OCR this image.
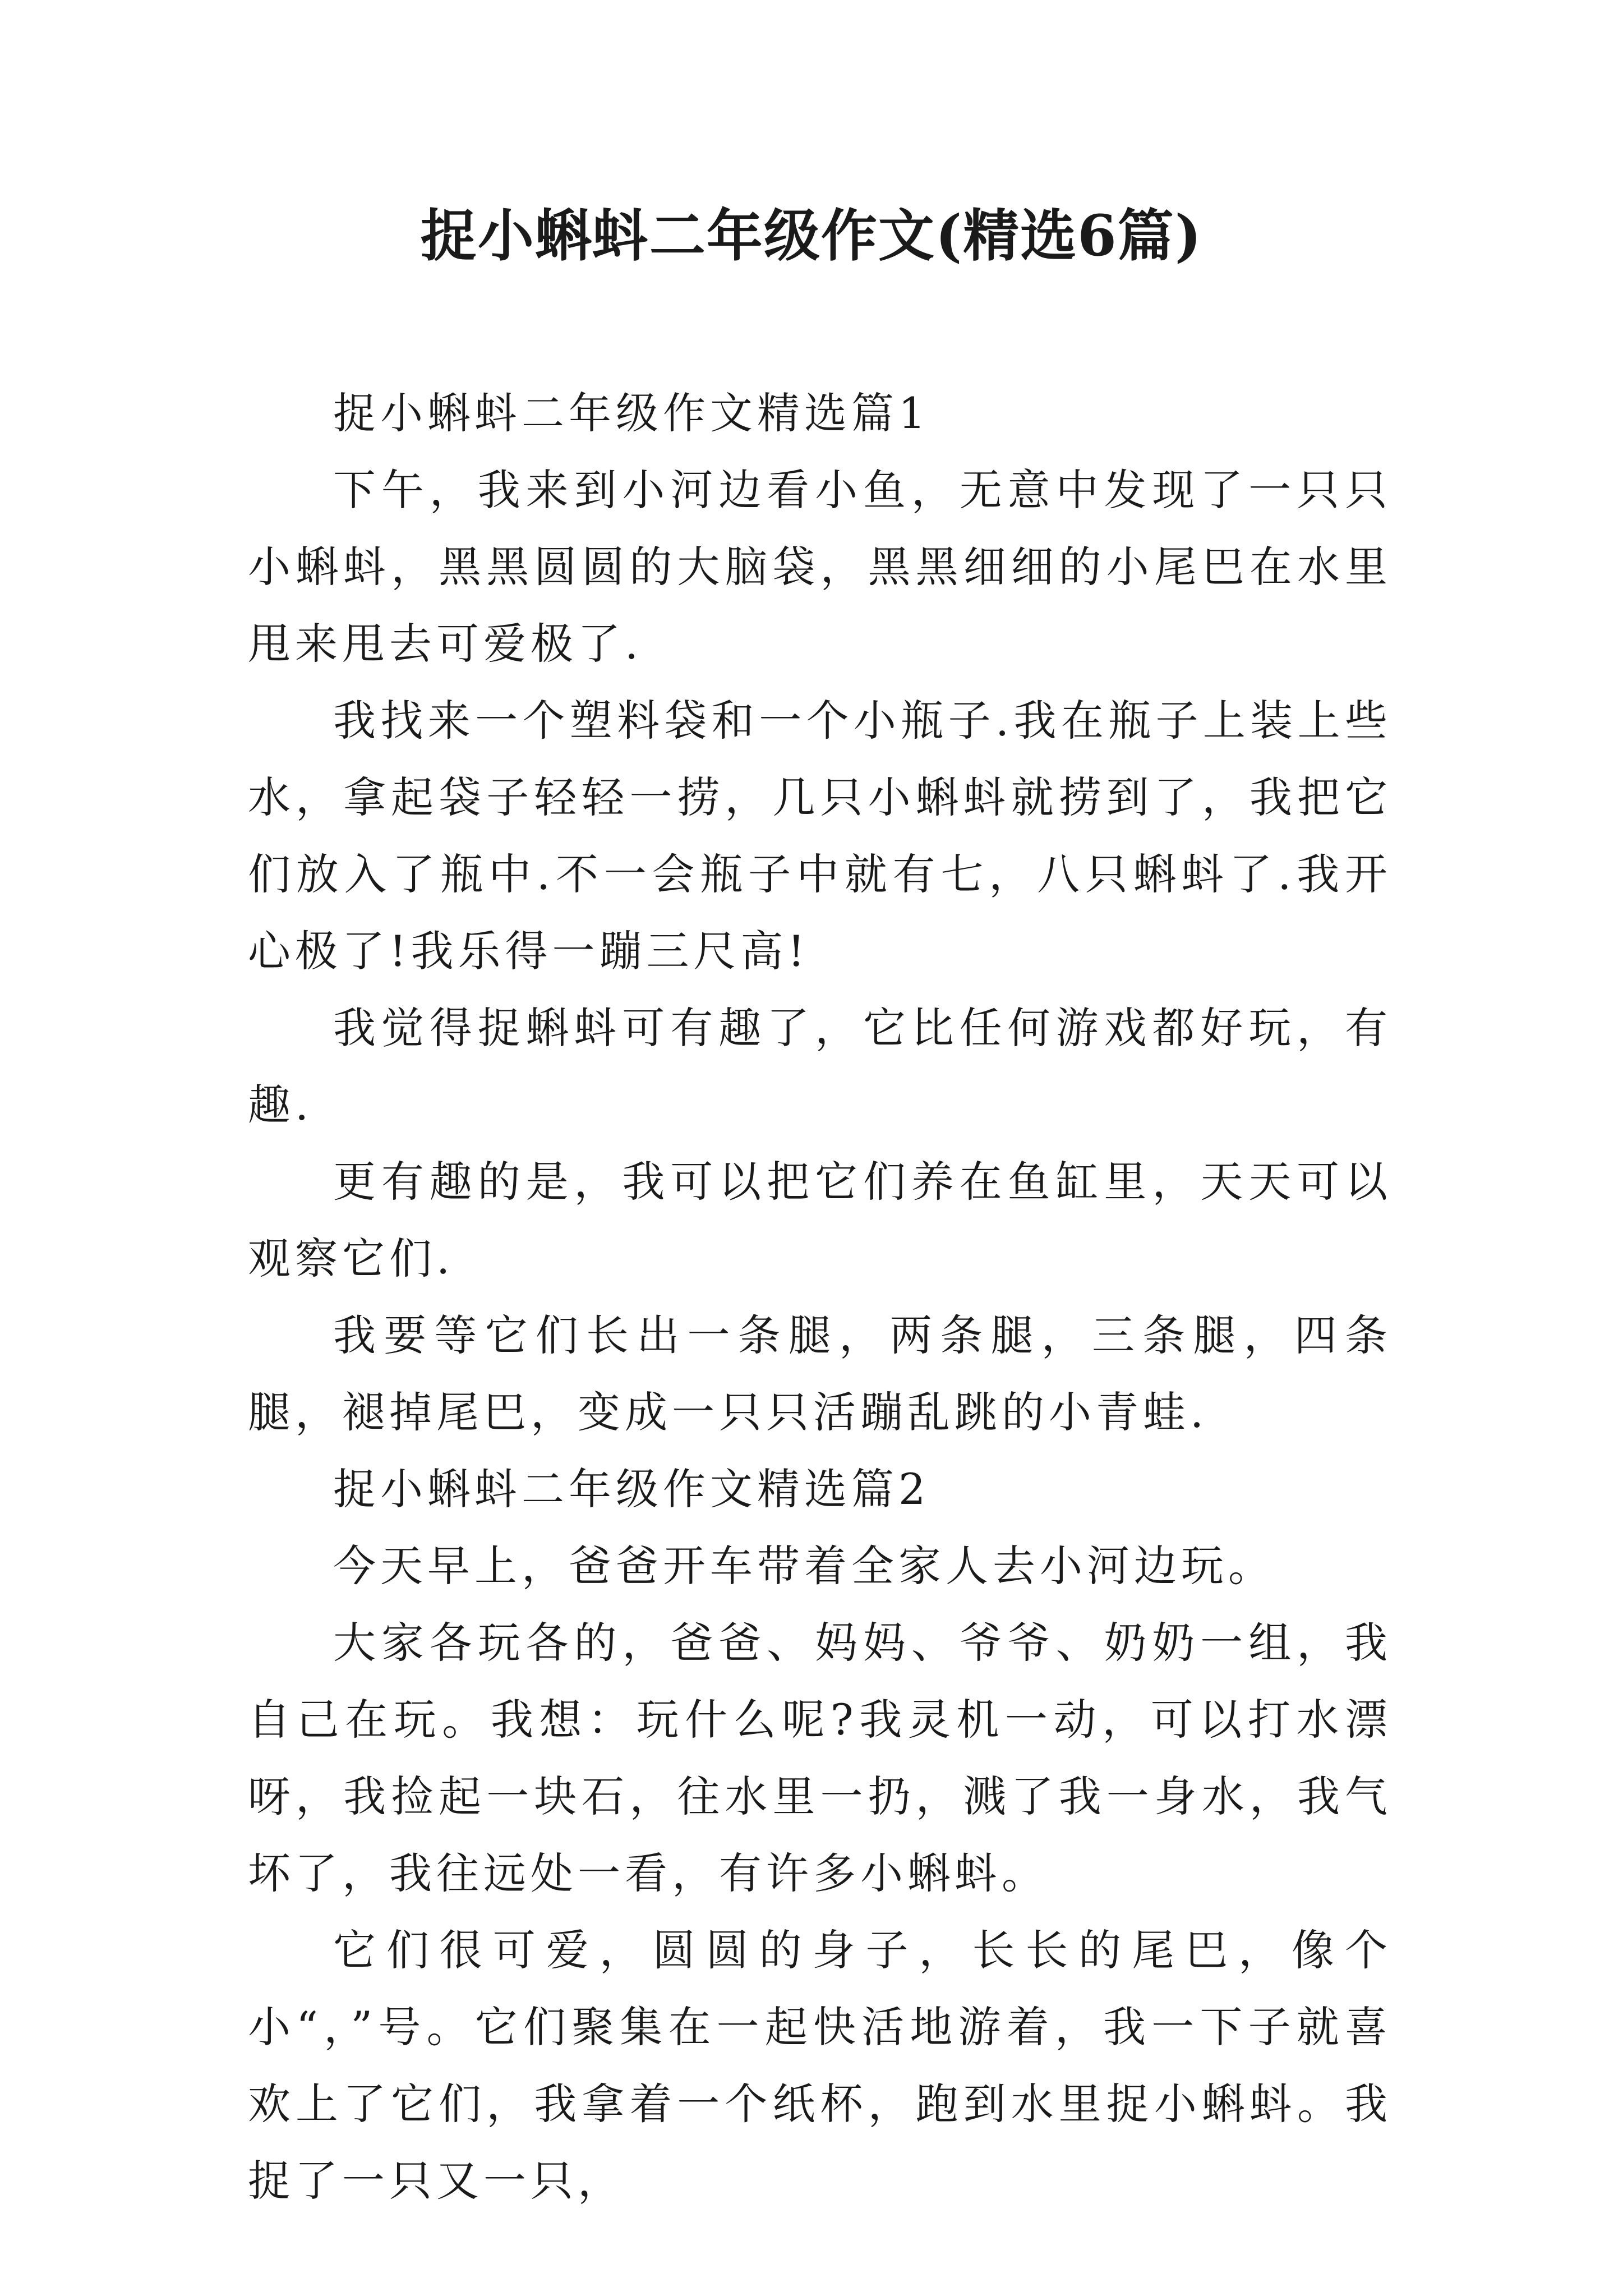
捉小蝌蚪二年级作文(精选6篇)

捉小蝌蚪二年级作文精选篇1

下午，我来到小河边看小鱼，无意中发现了一只只小蝌蚪，黑黑圆圆的大脑袋，黑黑细细的小尾巴在水里甩来甩去可爱极了.

我找来一个塑料袋和一个小瓶子.我在瓶子上装上些水，拿起袋子轻轻一捞，几只小蝌蚪就捞到了，我把它们放入了瓶中.不一会瓶子中就有七，八只蝌蚪了.我开心极了!我乐得一蹦三尺高!

我觉得捉蝌蚪可有趣了，它比任何游戏都好玩，有趣.

更有趣的是，我可以把它们养在鱼缸里，天天可以观察它们.

我要等它们长出一条腿，两条腿，三条腿，四条腿，褪掉尾巴，变成一只只活蹦乱跳的小青蛙.

捉小蝌蚪二年级作文精选篇2

今天早上，爸爸开车带着全家人去小河边玩。

大家各玩各的，爸爸、妈妈、爷爷、奶奶一组，我自己在玩。我想：玩什么呢?我灵机一动，可以打水漂呀，我捡起一块石，往水里一扔，溅了我一身水，我气坏了，我往远处一看，有许多小蝌蚪。

它们很可爱，圆圆的身子，长长的尾巴，像个小“，”号。它们聚集在一起快活地游着，我一下子就喜欢上了它们，我拿着一个纸杯，跑到水里捉小蝌蚪。我捉了一只又一只，
